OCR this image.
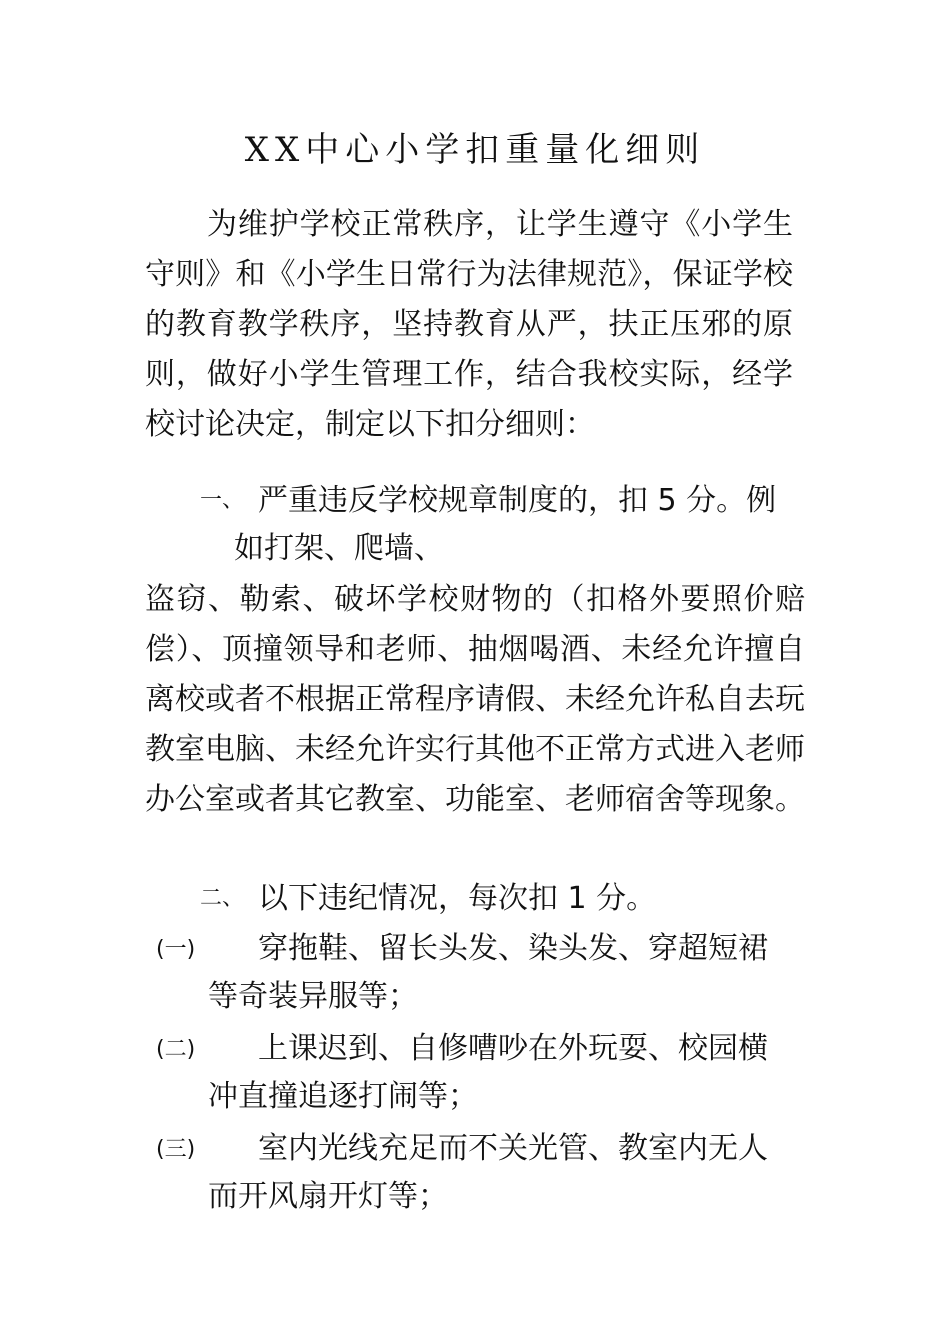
XX中心小学扣重量化细则

为维护学校正常秩序，让学生遵守《小学生守则》和《小学生日常行为法律规范》，保证学校的教育教学秩序，坚持教育从严，扶正压邪的原则，做好小学生管理工作，结合我校实际，经学校讨论决定，制定以下扣分细则：

一、 严重违反学校规章制度的，扣 5 分。例
如打架、爬墙、

盗窃、勒索、破坏学校财物的（扣格外要照价赔偿）、顶撞领导和老师、抽烟喝酒、未经允许擅自离校或者不根据正常程序请假、未经允许私自去玩教室电脑、未经允许实行其他不正常方式进入老师办公室或者其它教室、功能室、老师宿舍等现象。

二、 以下违纪情况，每次扣 1 分。
(一) 穿拖鞋、留长头发、染头发、穿超短裙
等奇装异服等；
(二) 上课迟到、自修嘈吵在外玩耍、校园横
冲直撞追逐打闹等；
(三) 室内光线充足而不关光管、教室内无人
而开风扇开灯等；
